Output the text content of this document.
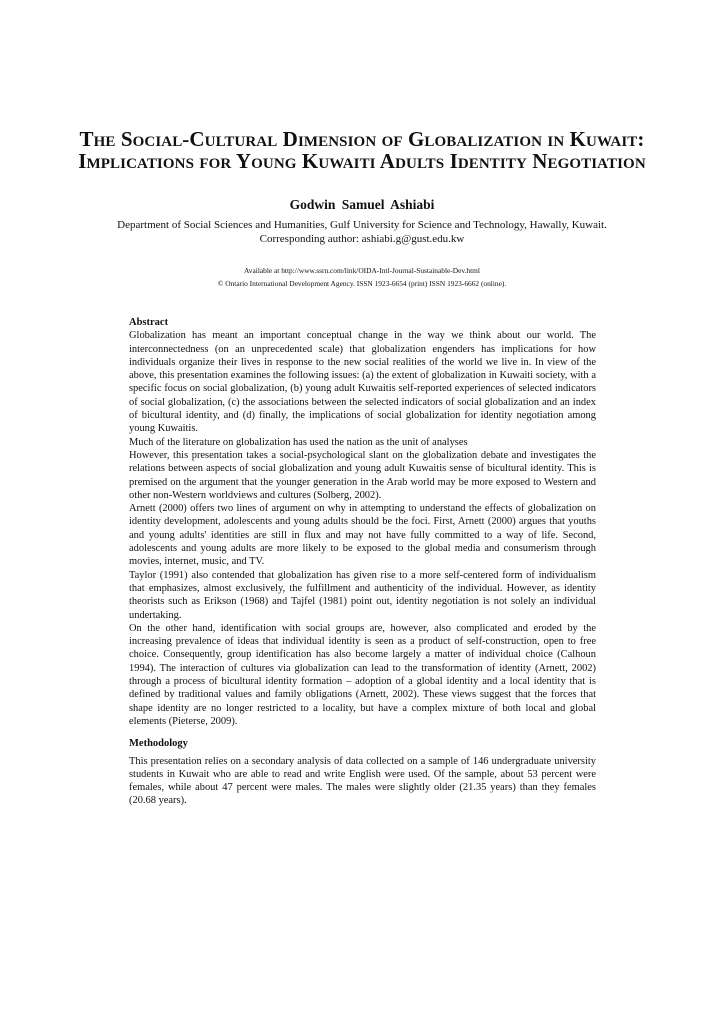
The Social-Cultural Dimension of Globalization in Kuwait: Implications for Young Kuwaiti Adults Identity Negotiation
Godwin Samuel Ashiabi
Department of Social Sciences and Humanities, Gulf University for Science and Technology, Hawally, Kuwait.
Corresponding author: ashiabi.g@gust.edu.kw
Available at http://www.ssrn.com/link/OIDA-Intl-Journal-Sustainable-Dev.html
© Ontario International Development Agency. ISSN 1923-6654 (print) ISSN 1923-6662 (online).
Abstract

Globalization has meant an important conceptual change in the way we think about our world. The interconnectedness (on an unprecedented scale) that globalization engenders has implications for how individuals organize their lives in response to the new social realities of the world we live in. In view of the above, this presentation examines the following issues: (a) the extent of globalization in Kuwaiti society, with a specific focus on social globalization, (b) young adult Kuwaitis self-reported experiences of selected indicators of social globalization, (c) the associations between the selected indicators of social globalization and an index of bicultural identity, and (d) finally, the implications of social globalization for identity negotiation among young Kuwaitis.

Much of the literature on globalization has used the nation as the unit of analyses

However, this presentation takes a social-psychological slant on the globalization debate and investigates the relations between aspects of social globalization and young adult Kuwaitis sense of bicultural identity. This is premised on the argument that the younger generation in the Arab world may be more exposed to Western and other non-Western worldviews and cultures (Solberg, 2002).

Arnett (2000) offers two lines of argument on why in attempting to understand the effects of globalization on identity development, adolescents and young adults should be the foci. First, Arnett (2000) argues that youths and young adults' identities are still in flux and may not have fully committed to a way of life. Second, adolescents and young adults are more likely to be exposed to the global media and consumerism through movies, internet, music, and TV.

Taylor (1991) also contended that globalization has given rise to a more self-centered form of individualism that emphasizes, almost exclusively, the fulfillment and authenticity of the individual. However, as identity theorists such as Erikson (1968) and Tajfel (1981) point out, identity negotiation is not solely an individual undertaking.

On the other hand, identification with social groups are, however, also complicated and eroded by the increasing prevalence of ideas that individual identity is seen as a product of self-construction, open to free choice. Consequently, group identification has also become largely a matter of individual choice (Calhoun 1994). The interaction of cultures via globalization can lead to the transformation of identity (Arnett, 2002) through a process of bicultural identity formation – adoption of a global identity and a local identity that is defined by traditional values and family obligations (Arnett, 2002). These views suggest that the forces that shape identity are no longer restricted to a locality, but have a complex mixture of both local and global elements (Pieterse, 2009).

Methodology

This presentation relies on a secondary analysis of data collected on a sample of 146 undergraduate university students in Kuwait who are able to read and write English were used. Of the sample, about 53 percent were females, while about 47 percent were males. The males were slightly older (21.35 years) than they females (20.68 years).
